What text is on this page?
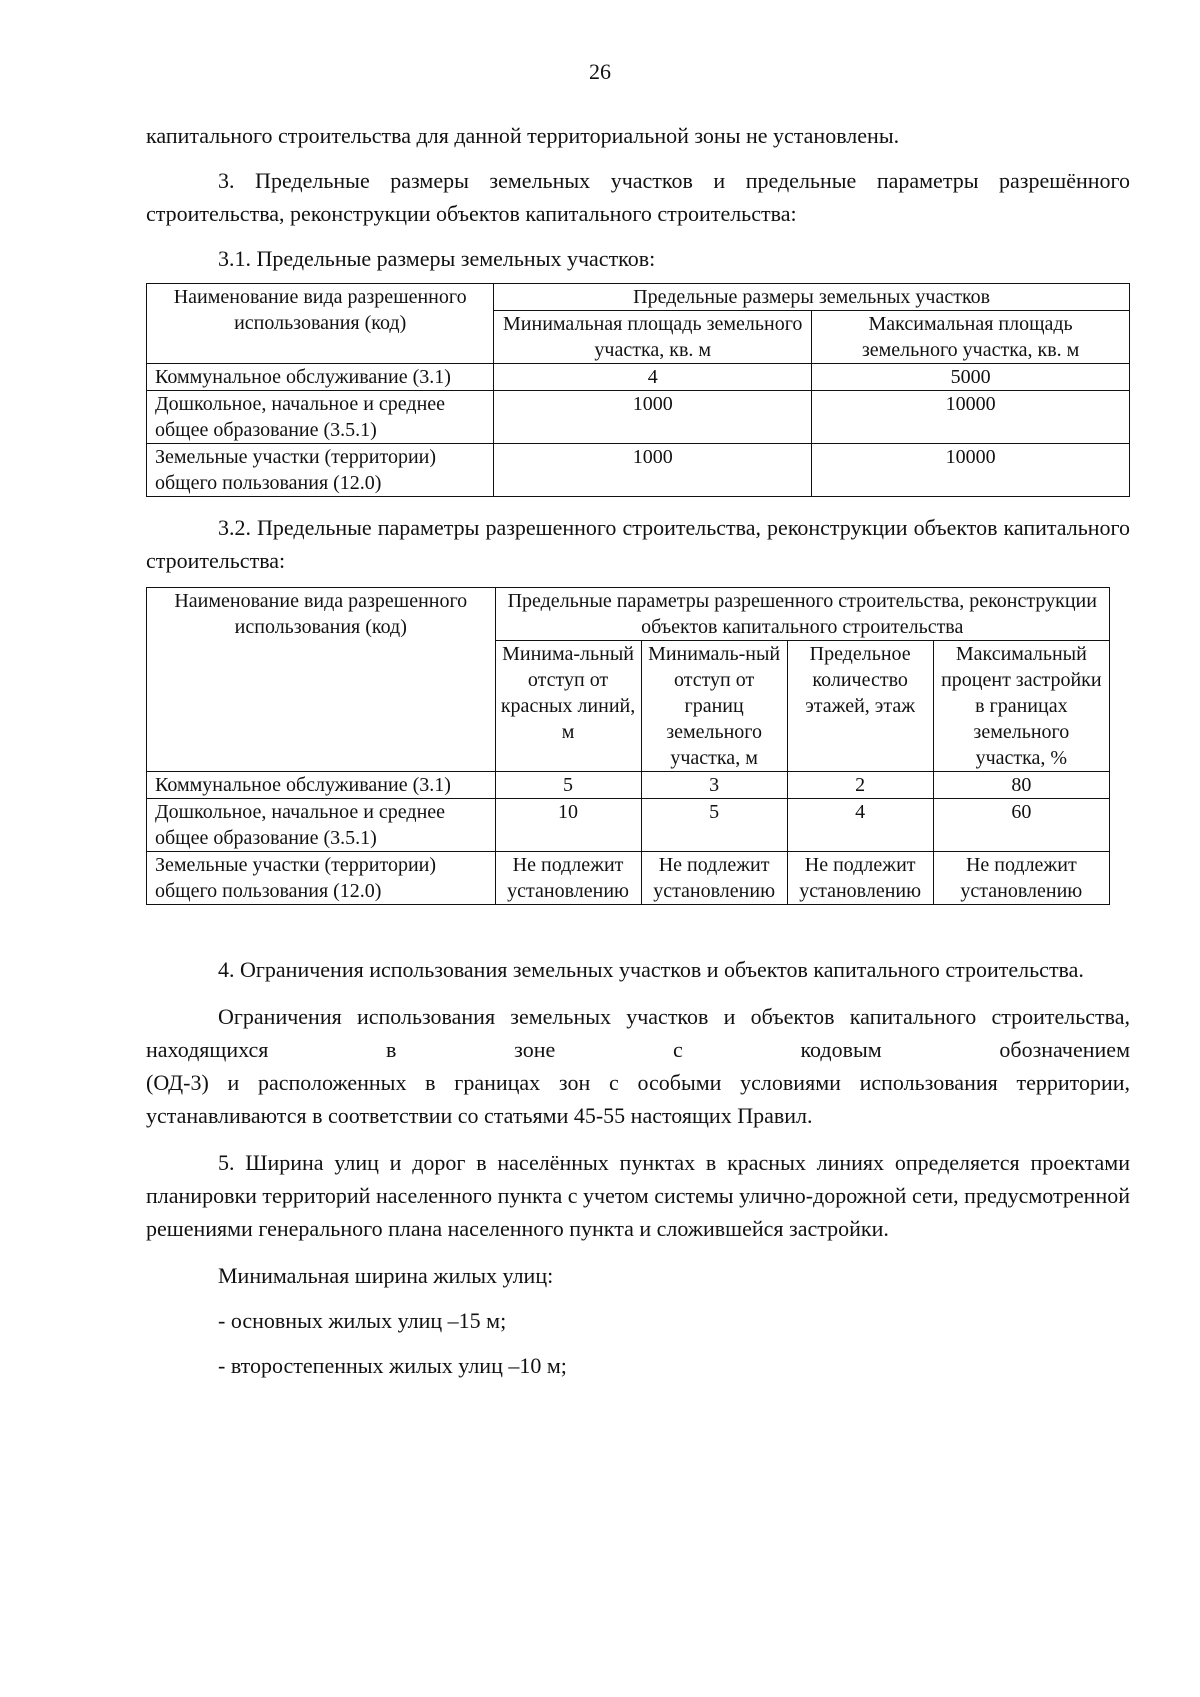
26

капитального строительства для данной территориальной зоны не установлены.

3. Предельные размеры земельных участков и предельные параметры разрешённого строительства, реконструкции объектов капитального строительства:

3.1. Предельные размеры земельных участков:

Наименование вида разрешенного использования (код)	Предельные размеры земельных участков	
	Минимальная площадь земельного участка, кв. м	Максимальная площадь земельного участка, кв. м
Коммунальное обслуживание (3.1)	4	5000
Дошкольное, начальное и среднее общее образование (3.5.1)	1000	10000
Земельные участки (территории) общего пользования (12.0)	1000	10000

3.2. Предельные параметры разрешенного строительства, реконструкции объектов капитального строительства:

Наименование вида разрешенного использования (код)	Предельные параметры разрешенного строительства, реконструкции объектов капитального строительства			
	Минима-льный отступ от красных линий, м	Минималь-ный отступ от границ земельного участка, м	Предельное количество этажей, этаж	Максимальный процент застройки в границах земельного участка, %
Коммунальное обслуживание (3.1)	5	3	2	80
Дошкольное, начальное и среднее общее образование (3.5.1)	10	5	4	60
Земельные участки (территории) общего пользования (12.0)	Не подлежит установлению	Не подлежит установлению	Не подлежит установлению	Не подлежит установлению

4. Ограничения использования земельных участков и объектов капитального строительства.

Ограничения использования земельных участков и объектов капитального строительства, находящихся в зоне с кодовым обозначением

(ОД-3) и расположенных в границах зон с особыми условиями использования территории, устанавливаются в соответствии со статьями 45-55 настоящих Правил.

5. Ширина улиц и дорог в населённых пунктах в красных линиях определяется проектами планировки территорий населенного пункта с учетом системы улично-дорожной сети, предусмотренной решениями генерального плана населенного пункта и сложившейся застройки.

Минимальная ширина жилых улиц:

- основных жилых улиц –15 м;

- второстепенных жилых улиц –10 м;
